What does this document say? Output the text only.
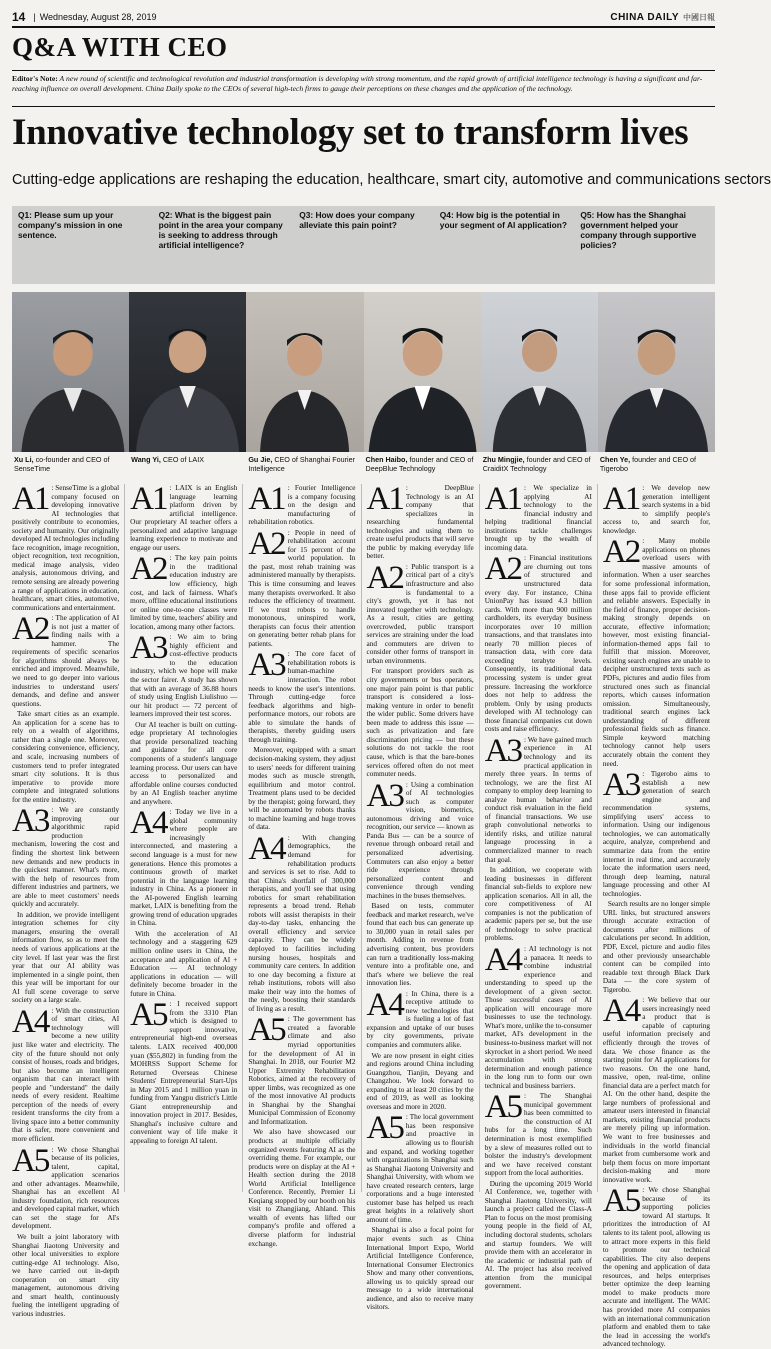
14 | Wednesday, August 28, 2019	CHINA DAILY 中國日報
Q&A WITH CEO
Editor's Note: A new round of scientific and technological revolution and industrial transformation is developing with strong momentum, and the rapid growth of artificial intelligence technology is having a significant and far-reaching influence on overall development. China Daily spoke to the CEOs of several high-tech firms to gauge their perceptions on these changes and the application of the technology.
Innovative technology set to transform lives
Cutting-edge applications are reshaping the education, healthcare, smart city, automotive and communications sectors
Q1: Please sum up your company's mission in one sentence.
Q2: What is the biggest pain point in the area your company is seeking to address through artificial intelligence?
Q3: How does your company alleviate this pain point?
Q4: How big is the potential in your segment of AI application?
Q5: How has the Shanghai government helped your company through supportive policies?
Xu Li, co-founder and CEO of SenseTime
Wang Yi, CEO of LAIX	Gu Jie, CEO of Shanghai Fourier Intelligence
Chen Haibo, founder and CEO of DeepBlue Technology
Zhu Mingjie, founder and CEO of CraiditX Technology
Chen Ye, founder and CEO of Tigerobo

A1 : SenseTime is a global company focused on developing innovative AI technologies that positively contribute to economies, society and humanity. Our originally developed AI technologies including face recognition, image recognition, object recognition, text recognition, medical image analysis, video analysis, autonomous driving, and remote sensing are already powering a range of applications in education, healthcare, smart cities, automotive, communications and entertainment.

A2 : The application of AI is not just a matter of finding nails with a hammer. The requirements of specific scenarios for algorithms should always be enriched and improved. Meanwhile, we need to go deeper into various industries to understand users' demands, and define and answer questions.

Take smart cities as an example. An application for a scene has to rely on a wealth of algorithms, rather than a single one. Moreover, considering convenience, efficiency, and scale, increasing numbers of customers tend to prefer integrated smart city solutions. It is thus imperative to provide more complete and integrated solutions for the entire industry.

A3 : We are constantly improving our algorithmic rapid production mechanism, lowering the cost and finding the shortest link between new demands and new products in the quickest manner. What's more, with the help of resources from different industries and partners, we are able to meet customers' needs quickly and accurately.

In addition, we provide intelligent integration schemes for city managers, ensuring the overall information flow, so as to meet the needs of various applications at the city level. If last year was the first year that our AI ability was implemented in a single point, then this year will be important for our AI full scene coverage to serve society on a large scale.

A4 : With the construction of smart cities, AI technology will become a new utility just like water and electricity. The city of the future should not only consist of houses, roads and bridges, but also become an intelligent organism that can interact with people and "understand" the daily needs of every resident. Realtime perception of the needs of every resident transforms the city from a living space into a better community that is safer, more convenient and more efficient.

A5 : We chose Shanghai because of its policies, talent, capital, application scenarios and other advantages. Meanwhile, Shanghai has an excellent AI industry foundation, rich resources and developed capital market, which can set the stage for AI's development.

We built a joint laboratory with Shanghai Jiaotong University and other local universities to explore cutting-edge AI technology. Also, we have carried out in-depth cooperation on smart city management, autonomous driving and smart health, continuously fueling the intelligent upgrading of various industries.

A1 : LAIX is an English language learning platform driven by artificial intelligence. Our proprietary AI teacher offers a personalized and adaptive language learning experience to motivate and engage our users.

A2 : The key pain points in the traditional education industry are low efficiency, high cost, and lack of fairness. What's more, offline educational institutions or online one-to-one classes were limited by time, teachers' ability and location, among many other factors.

A3 : We aim to bring highly efficient and cost-effective products to the education industry, which we hope will make the sector fairer. A study has shown that with an average of 36.88 hours of study using English Liulishuo — our hit product — 72 percent of learners improved their test scores.

Our AI teacher is built on cutting-edge proprietary AI technologies that provide personalized teaching and guidance for all core components of a student's language learning process. Our users can have access to personalized and affordable online courses conducted by an AI English teacher anytime and anywhere.

A4 : Today we live in a global community where people are increasingly interconnected, and mastering a second language is a must for new generations. Hence this promotes a continuous growth of market potential in the language learning industry in China. As a pioneer in the AI-powered English learning market, LAIX is benefiting from the growing trend of education upgrades in China.

With the acceleration of AI technology and a staggering 629 million online users in China, the acceptance and application of AI + Education — AI technology applications in education — will definitely become broader in the future in China.

A5 : I received support from the 3310 Plan which is designed to support innovative, entrepreneurial high-end overseas talents. LAIX received 400,000 yuan ($55,802) in funding from the MOHRSS Support Scheme for Returned Overseas Chinese Students' Entrepreneurial Start-Ups in May 2015 and 1 million yuan in funding from Yangpu district's Little Giant entrepreneurship and innovation project in 2017. Besides, Shanghai's inclusive culture and convenient way of life make it appealing to foreign AI talent.

A1 : Fourier Intelligence is a company focusing on the design and manufacturing of rehabilitation robotics.

A2 : People in need of rehabilitation account for 15 percent of the world population. In the past, most rehab training was administered manually by therapists. This is time consuming and leaves many therapists overworked. It also reduces the efficiency of treatment. If we trust robots to handle monotonous, uninspired work, therapists can focus their attention on generating better rehab plans for patients.

A3 : The core facet of rehabilitation robots is human-machine interaction. The robot needs to know the user's intentions. Through cutting-edge force feedback algorithms and high-performance motors, our robots are able to simulate the hands of therapists, thereby guiding users through training.

Moreover, equipped with a smart decision-making system, they adjust to users' needs for different training modes such as muscle strength, equilibrium and motor control. Treatment plans used to be decided by the therapist; going forward, they will be automated by robots thanks to machine learning and huge troves of data.

A4 : With changing demographics, the demand for rehabilitation products and services is set to rise. Add to that China's shortfall of 300,000 therapists, and you'll see that using robotics for smart rehabilitation represents a broad trend. Rehab robots will assist therapists in their day-to-day tasks, enhancing the overall efficiency and service capacity. They can be widely deployed to facilities including nursing houses, hospitals and community care centers. In addition to one day becoming a fixture at rehab institutions, robots will also make their way into the homes of the needy, boosting their standards of living as a result.

A5 : The government has created a favorable climate and also myriad opportunities for the development of AI in Shanghai. In 2018, our Fourier M2 Upper Extremity Rehabilitation Robotics, aimed at the recovery of upper limbs, was recognized as one of the most innovative AI products in Shanghai by the Shanghai Municipal Commission of Economy and Informatization.

We also have showcased our products at multiple officially organized events featuring AI as the overriding theme. For example, our products were on display at the AI + Health section during the 2018 World Artificial Intelligence Conference. Recently, Premier Li Keqiang stopped by our booth on his visit to Zhangjiang, Ahland. This wealth of events has lifted our company's profile and offered a diverse platform for industrial exchange.

A1 : DeepBlue Technology is an AI company that specializes in researching fundamental technologies and using them to create useful products that will serve the public by making everyday life better.

A2 : Public transport is a critical part of a city's infrastructure and also is fundamental to a city's growth, yet it has not innovated together with technology. As a result, cities are getting overcrowded, public transport services are straining under the load and commuters are driven to consider other forms of transport in urban environments.

For transport providers such as city governments or bus operators, one major pain point is that public transport is considered a loss-making venture in order to benefit the wider public. Some drivers have been made to address this issue — such as privatization and fare discrimination pricing — but these solutions do not tackle the root cause, which is that the bare-bones services offered often do not meet commuter needs.

A3 : Using a combination of AI technologies such as computer vision, biometrics, autonomous driving and voice recognition, our service — known as Panda Bus — can be a source of revenue through onboard retail and personalized advertising. Commuters can also enjoy a better ride experience through personalized content and convenience through vending machines in the buses themselves.

Based on tests, commuter feedback and market research, we've found that each bus can generate up to 30,000 yuan in retail sales per month. Adding in revenue from advertising content, bus providers can turn a traditionally loss-making venture into a profitable one, and that's where we believe the real innovation lies.

A4 : In China, there is a receptive attitude to new technologies that is fueling a lot of fast expansion and uptake of our buses by city governments, private companies and commuters alike.

We are now present in eight cities and regions around China including Guangzhou, Tianjin, Deyang and Changzhou. We look forward to expanding to at least 20 cities by the end of 2019, as well as looking overseas and more in 2020.

A5 : The local government has been responsive and proactive in allowing us to flourish and expand, and working together with organizations in Shanghai such as Shanghai Jiaotong University and Shanghai University, with whom we have created research centers, large corporations and a huge interested customer base has helped us reach great heights in a relatively short amount of time.

Shanghai is also a focal point for major events such as China International Import Expo, World Artificial Intelligence Conference, International Consumer Electronics Show and many other conventions, allowing us to quickly spread our message to a wide international audience, and also to receive many visitors.

A1 : We specialize in applying AI technology to the financial industry and helping traditional financial institutions tackle challenges brought up by the wealth of incoming data.

A2 : Financial institutions are churning out tons of structured and unstructured data every day. For instance, China UnionPay has issued 4.3 billion cards. With more than 900 million cardholders, its everyday business incorporates over 10 million transactions, and that translates into nearly 70 million pieces of transaction data, with core data exceeding terabyte levels. Consequently, its traditional data processing system is under great pressure. Increasing the workforce does not help to address the problem. Only by using products developed with AI technology can those financial companies cut down costs and raise efficiency.

A3 : We have gained much experience in AI technology and its practical application in merely three years. In terms of technology, we are the first AI company to employ deep learning to analyze human behavior and conduct risk evaluation in the field of financial transactions. We use graph convolutional networks to identify risks, and utilize natural language processing in a commercialized manner to reach that goal.

In addition, we cooperate with leading businesses in different financial sub-fields to explore new application scenarios. All in all, the core competitiveness of AI companies is not the publication of academic papers per se, but the use of technology to solve practical problems.

A4 : AI technology is not a panacea. It needs to combine industrial experience and understanding to speed up the development of a given sector. Those successful cases of AI application will encourage more businesses to use the technology. What's more, unlike the to-consumer market, AI's development in the business-to-business market will not skyrocket in a short period. We need accumulation with strong determination and enough patience in the long run to form our own technical and business barriers.

A5 : The Shanghai municipal government has been committed to the construction of AI hubs for a long time. Such determination is most exemplified by a slew of measures rolled out to bolster the industry's development and we have received constant support from the local authorities.

During the upcoming 2019 World AI Conference, we, together with Shanghai Jiaotong University, will launch a project called the Class-A Plan to focus on the most promising young people in the field of AI, including doctoral students, scholars and startup founders. We will provide them with an accelerator in the academic or industrial path of AI. The project has also received attention from the municipal government.

A1 : We develop new generation intelligent search systems in a bid to simplify people's access to, and search for, knowledge.

A2 : Many mobile applications on phones overload users with massive amounts of information. When a user searches for some professional information, these apps fail to provide efficient and reliable answers. Especially in the field of finance, proper decision-making strongly depends on accurate, effective information; however, most existing financial-information-themed apps fail to fulfill that mission. Moreover, existing search engines are unable to decipher unstructured texts such as PDFs, pictures and audio files from structured ones such as financial reports, which causes information omission. Simultaneously, traditional search engines lack understanding of different professional fields such as finance. Simple keyword matching technology cannot help users accurately obtain the content they need.

A3 : Tigerobo aims to establish a new generation of search engine and recommendation systems, simplifying users' access to information. Using our indigenous technologies, we can automatically acquire, analyze, comprehend and summarize data from the entire internet in real time, and accurately locate the information users need, through deep learning, natural language processing and other AI technologies.

Search results are no longer simple URL links, but structured answers through accurate extraction of documents after millions of calculations per second. In addition, PDF, Excel, picture and audio files and other previously unsearchable content can be compiled into readable text through Black Dark Data — the core system of Tigerobo.

A4 : We believe that our users increasingly need a product that is capable of capturing useful information precisely and efficiently through the troves of data. We chose finance as the starting point for AI applications for two reasons. On the one hand, massive, open, real-time, online financial data are a perfect match for AI. On the other hand, despite the large numbers of professional and amateur users interested in financial markets, existing financial products are merely piling up information. We want to free businesses and individuals in the world financial market from cumbersome work and help them focus on more important decision-making and more innovative work.

A5 : We chose Shanghai because of its supporting policies toward AI startups. It prioritizes the introduction of AI talents to its talent pool, allowing us to attract more experts in this field to promote our technical capabilities. The city also deepens the opening and application of data resources, and helps enterprises better optimize the deep learning model to make products more accurate and intelligent. The WAIC has provided more AI companies with an international communication platform and enabled them to take the lead in accessing the world's advanced technology.
